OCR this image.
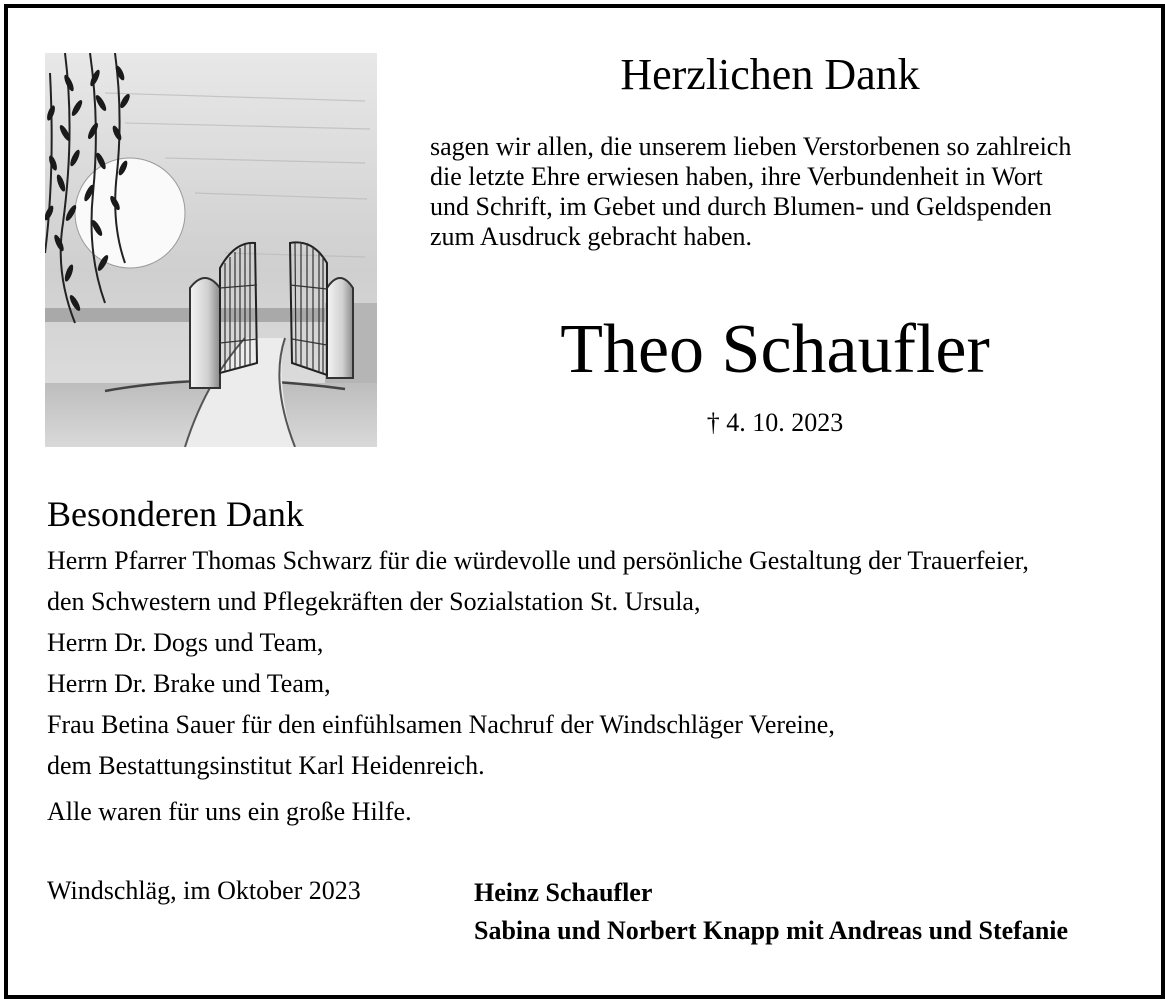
Herzlichen Dank
sagen wir allen, die unserem lieben Verstorbenen so zahlreich
die letzte Ehre erwiesen haben, ihre Verbundenheit in Wort
und Schrift, im Gebet und durch Blumen- und Geldspenden
zum Ausdruck gebracht haben.
Theo Schaufler
† 4. 10. 2023
Besonderen Dank
Herrn Pfarrer Thomas Schwarz für die würdevolle und persönliche Gestaltung der Trauerfeier,
den Schwestern und Pflegekräften der Sozialstation St. Ursula,
Herrn Dr. Dogs und Team,
Herrn Dr. Brake und Team,
Frau Betina Sauer für den einfühlsamen Nachruf der Windschläger Vereine,
dem Bestattungsinstitut Karl Heidenreich.
Alle waren für uns ein große Hilfe.
Windschläg, im Oktober 2023	Heinz Schaufler
Sabina und Norbert Knapp mit Andreas und Stefanie
